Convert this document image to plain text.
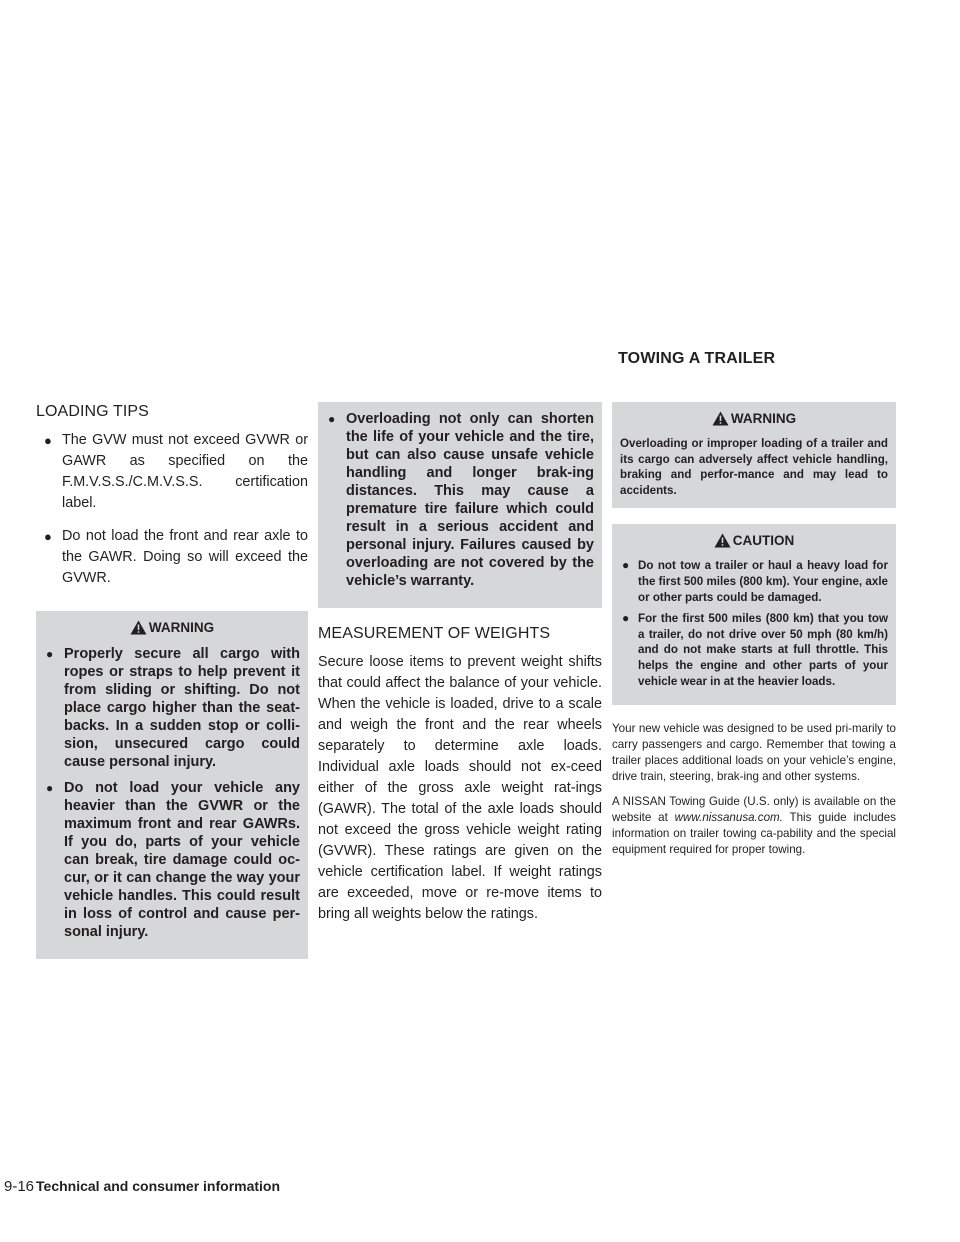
TOWING A TRAILER
LOADING TIPS
● The GVW must not exceed GVWR or GAWR as specified on the F.M.V.S.S./C.M.V.S.S. certification label.
● Do not load the front and rear axle to the GAWR. Doing so will exceed the GVWR.
WARNING
● Properly secure all cargo with ropes or straps to help prevent it from sliding or shifting. Do not place cargo higher than the seat-backs. In a sudden stop or colli-sion, unsecured cargo could cause personal injury.
● Do not load your vehicle any heavier than the GVWR or the maximum front and rear GAWRs. If you do, parts of your vehicle can break, tire damage could oc-cur, or it can change the way your vehicle handles. This could result in loss of control and cause per-sonal injury.
● Overloading not only can shorten the life of your vehicle and the tire, but can also cause unsafe vehicle handling and longer brak-ing distances. This may cause a premature tire failure which could result in a serious accident and personal injury. Failures caused by overloading are not covered by the vehicle’s warranty.
MEASUREMENT OF WEIGHTS

Secure loose items to prevent weight shifts that could affect the balance of your vehicle. When the vehicle is loaded, drive to a scale and weigh the front and the rear wheels separately to determine axle loads. Individual axle loads should not ex-ceed either of the gross axle weight rat-ings (GAWR). The total of the axle loads should not exceed the gross vehicle weight rating (GVWR). These ratings are given on the vehicle certification label. If weight ratings are exceeded, move or re-move items to bring all weights below the ratings.

WARNING
Overloading or improper loading of a trailer and its cargo can adversely affect vehicle handling, braking and perfor-mance and may lead to accidents.
CAUTION
● Do not tow a trailer or haul a heavy load for the first 500 miles (800 km). Your engine, axle or other parts could be damaged.
● For the first 500 miles (800 km) that you tow a trailer, do not drive over 50 mph (80 km/h) and do not make starts at full throttle. This helps the engine and other parts of your vehicle wear in at the heavier loads.

Your new vehicle was designed to be used pri-marily to carry passengers and cargo. Remember that towing a trailer places additional loads on your vehicle’s engine, drive train, steering, brak-ing and other systems.

A NISSAN Towing Guide (U.S. only) is available on the website at www.nissanusa.com. This guide includes information on trailer towing ca-pability and the special equipment required for proper towing.

9-16 Technical and consumer information
